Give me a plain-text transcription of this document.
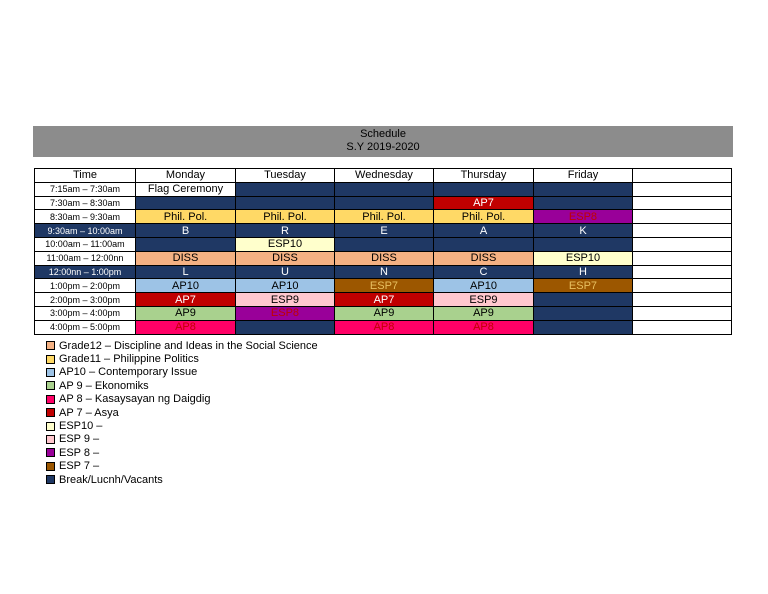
Schedule
S.Y 2019-2020
Time	Monday	Tuesday	Wednesday	Thursday	Friday	
7:15am – 7:30am	Flag Ceremony					
7:30am – 8:30am				AP7		
8:30am – 9:30am	Phil. Pol.	Phil. Pol.	Phil. Pol.	Phil. Pol.	ESP8	
9:30am – 10:00am	B	R	E	A	K	
10:00am – 11:00am		ESP10				
11:00am – 12:00nn	DISS	DISS	DISS	DISS	ESP10	
12:00nn – 1:00pm	L	U	N	C	H	
1:00pm – 2:00pm	AP10	AP10	ESP7	AP10	ESP7	
2:00pm – 3:00pm	AP7	ESP9	AP7	ESP9		
3:00pm – 4:00pm	AP9	ESP8	AP9	AP9		
4:00pm – 5:00pm	AP8		AP8	AP8		
Grade12 – Discipline and Ideas in the Social Science
Grade11 – Philippine Politics
AP10 – Contemporary Issue
AP 9 – Ekonomiks
AP 8 – Kasaysayan ng Daigdig
AP 7 – Asya
ESP10 –
ESP 9 –
ESP 8 –
ESP 7 –
Break/Lucnh/Vacants
